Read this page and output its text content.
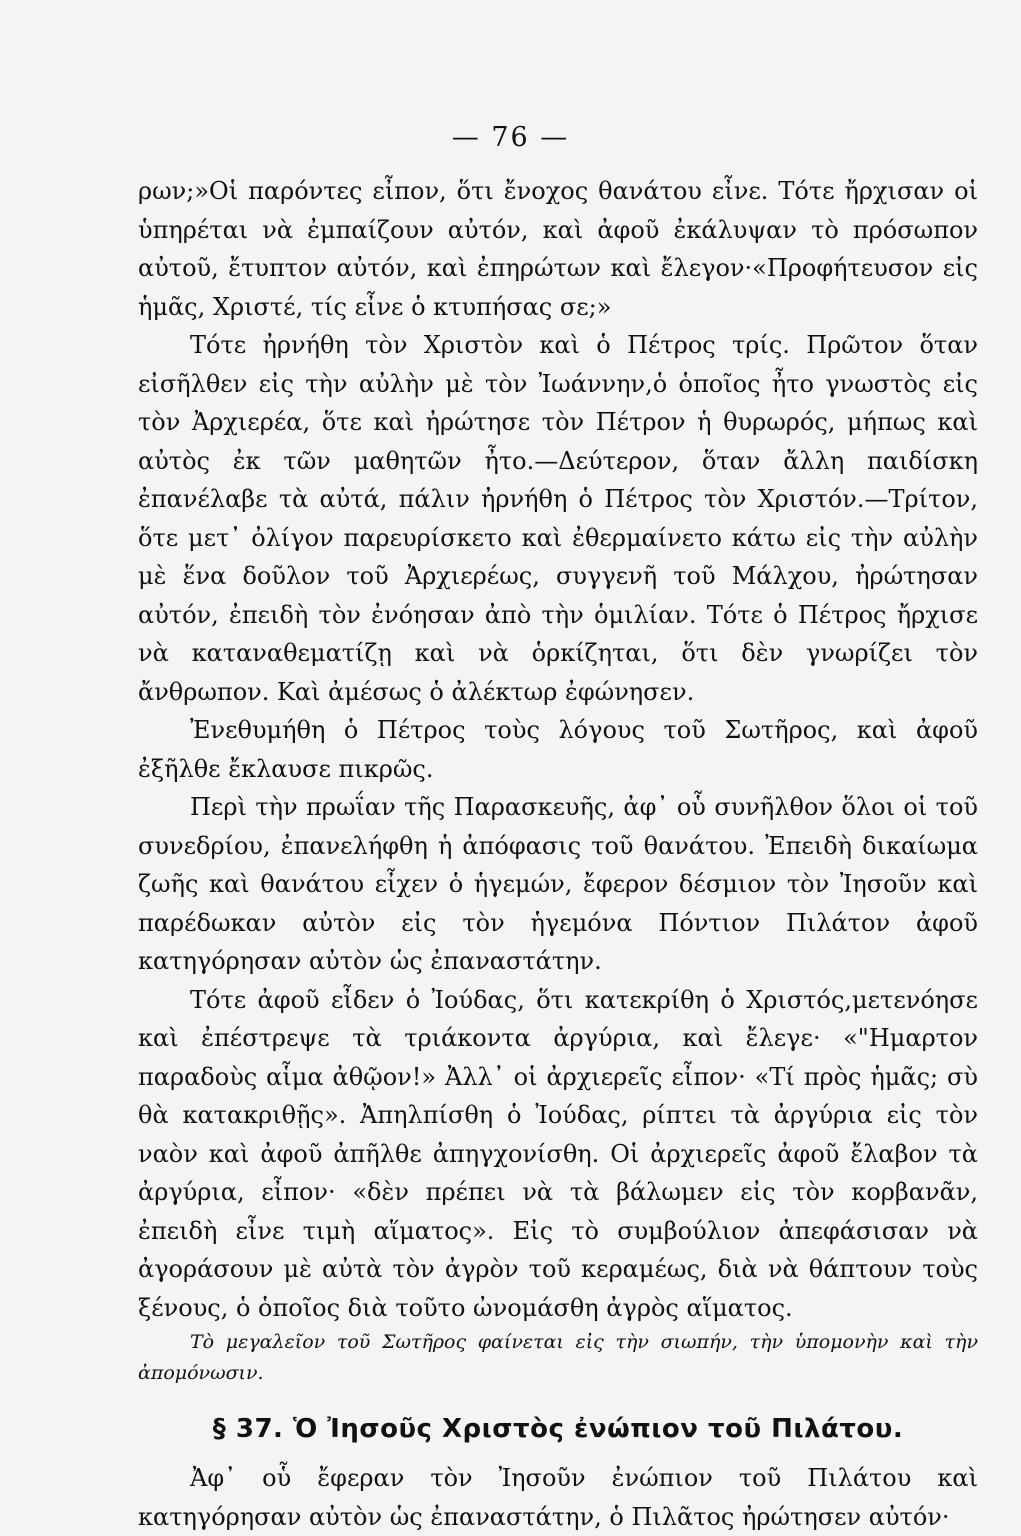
— 76 —

ρων;»Οἱ παρόντες εἶπον, ὅτι ἔνοχος θανάτου εἶνε. Τότε ἤρχισαν οἱ ὑπηρέται νὰ ἐμπαίζουν αὐτόν, καὶ ἀφοῦ ἐκάλυψαν τὸ πρόσωπον αὐτοῦ, ἔτυπτον αὐτόν, καὶ ἐπηρώτων καὶ ἔλεγον·«Προφήτευσον εἰς ἡμᾶς, Χριστέ, τίς εἶνε ὁ κτυπήσας σε;»

Τότε ἠρνήθη τὸν Χριστὸν καὶ ὁ Πέτρος τρίς. Πρῶτον ὅταν εἰσῆλθεν εἰς τὴν αὐλὴν μὲ τὸν Ἰωάννην,ὁ ὁποῖος ἦτο γνωστὸς εἰς τὸν Ἀρχιερέα, ὅτε καὶ ἠρώτησε τὸν Πέτρον ἡ θυρωρός, μήπως καὶ αὐτὸς ἐκ τῶν μαθητῶν ἦτο.—Δεύτερον, ὅταν ἄλλη παιδίσκη ἐπανέλαβε τὰ αὐτά, πάλιν ἠρνήθη ὁ Πέτρος τὸν Χριστόν.—Τρίτον, ὅτε μετ᾽ ὀλίγον παρευρίσκετο καὶ ἐθερμαίνετο κάτω εἰς τὴν αὐλὴν μὲ ἕνα δοῦλον τοῦ Ἀρχιερέως, συγγενῆ τοῦ Μάλχου, ἠρώτησαν αὐτόν, ἐπειδὴ τὸν ἐνόησαν ἀπὸ τὴν ὁμιλίαν. Τότε ὁ Πέτρος ἤρχισε νὰ καταναθεματίζῃ καὶ νὰ ὁρκίζηται, ὅτι δὲν γνωρίζει τὸν ἄνθρωπον. Καὶ ἀμέσως ὁ ἀλέκτωρ ἐφώνησεν.

Ἐνεθυμήθη ὁ Πέτρος τοὺς λόγους τοῦ Σωτῆρος, καὶ ἀφοῦ ἐξῆλθε ἔκλαυσε πικρῶς.

Περὶ τὴν πρωΐαν τῆς Παρασκευῆς, ἀφ᾽ οὗ συνῆλθον ὅλοι οἱ τοῦ συνεδρίου, ἐπανελήφθη ἡ ἀπόφασις τοῦ θανάτου. Ἐπειδὴ δικαίωμα ζωῆς καὶ θανάτου εἶχεν ὁ ἡγεμών, ἔφερον δέσμιον τὸν Ἰησοῦν καὶ παρέδωκαν αὐτὸν εἰς τὸν ἡγεμόνα Πόντιον Πιλάτον ἀφοῦ κατηγόρησαν αὐτὸν ὡς ἐπαναστάτην.

Τότε ἀφοῦ εἶδεν ὁ Ἰούδας, ὅτι κατεκρίθη ὁ Χριστός,μετενόησε καὶ ἐπέστρεψε τὰ τριάκοντα ἀργύρια, καὶ ἔλεγε· «"Ημαρτον παραδοὺς αἷμα ἀθῷον!» Ἀλλ᾽ οἱ ἀρχιερεῖς εἶπον· «Τί πρὸς ἡμᾶς; σὺ θὰ κατακριθῇς». Ἀπηλπίσθη ὁ Ἰούδας, ρίπτει τὰ ἀργύρια εἰς τὸν ναὸν καὶ ἀφοῦ ἀπῆλθε ἀπηγχονίσθη. Οἱ ἀρχιερεῖς ἀφοῦ ἔλαβον τὰ ἀργύρια, εἶπον· «δὲν πρέπει νὰ τὰ βάλωμεν εἰς τὸν κορβανᾶν, ἐπειδὴ εἶνε τιμὴ αἵματος». Εἰς τὸ συμβούλιον ἀπεφάσισαν νὰ ἀγοράσουν μὲ αὐτὰ τὸν ἀγρὸν τοῦ κεραμέως, διὰ νὰ θάπτουν τοὺς ξένους, ὁ ὁποῖος διὰ τοῦτο ὠνομάσθη ἀγρὸς αἵματος.

Τὸ μεγαλεῖον τοῦ Σωτῆρος φαίνεται εἰς τὴν σιωπήν, τὴν ὑπομονὴν καὶ τὴν ἀπομόνωσιν.

§ 37. Ὁ Ἰησοῦς Χριστὸς ἐνώπιον τοῦ Πιλάτου.

Ἀφ᾽ οὗ ἔφεραν τὸν Ἰησοῦν ἐνώπιον τοῦ Πιλάτου καὶ κατηγόρησαν αὐτὸν ὡς ἐπαναστάτην, ὁ Πιλᾶτος ἠρώτησεν αὐτόν·
